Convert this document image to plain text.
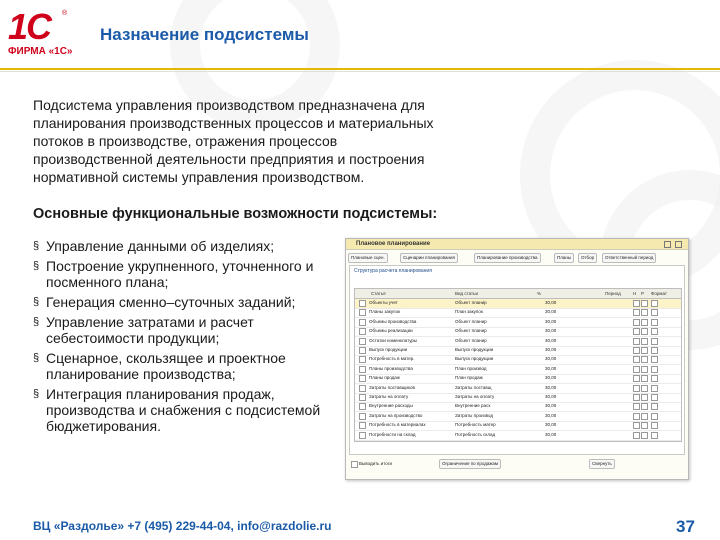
1C ®
ФИРМА «1С»
Назначение подсистемы
Подсистема управления производством предназначена для
планирования производственных процессов и материальных
потоков в производстве, отражения процессов
производственной деятельности предприятия и построения
нормативной системы управления производством.
Основные функциональные возможности подсистемы:
§ Управление данными об изделиях;
§ Построение укрупненного, уточненного и посменного плана;
§ Генерация сменно–суточных заданий;
§ Управление затратами и расчет себестоимости продукции;
§ Сценарное, скользящее и проектное планирование производства;
§ Интеграция планирования продаж, производства и снабжения с подсистемой бюджетирования.
Плановое планирование
Плановые сцен.	Сценарии планирования	Планирование производства	Планы	Отбор	Ответственный период
Структура расчета планирования
Статья	Вид статьи	%	Период	Н Р Формат
Объекты учет	Объект планир	30,00
Планы закупок	План закупок	30,00
Объемы производства	Объект планир	30,00
Объемы реализации	Объект планир	30,00
Остатки номенклатуры	Объект планир	30,00
Выпуск продукции	Выпуск продукции	30,00
Потребность в матер.	Выпуск продукции	30,00
Планы производства	План производ	30,00
Планы продаж	План продаж	30,00
Затраты поставщиков	Затраты поставщ	30,00
Затраты на оплату	Затраты на оплату	30,00
Внутренние расходы	Внутренние расх	30,00
Затраты на производство	Затраты производ	30,00
Потребность в материалах	Потребность матер	30,00
Потребности на склад	Потребность склад	30,00
Выводить итоги	Ограничение по продажам	Свернуть
ВЦ «Раздолье» +7 (495) 229-44-04, info@razdolie.ru	37
